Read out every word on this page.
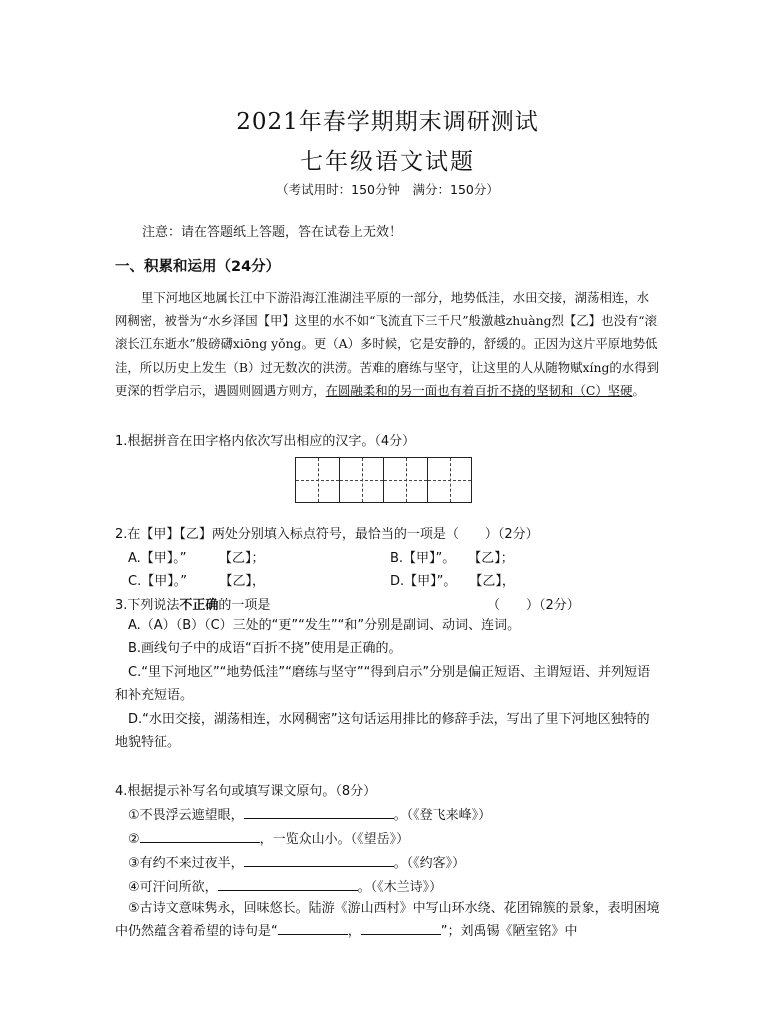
2021年春学期期末调研测试
七年级语文试题
（考试用时：150分钟　满分：150分）
注意：请在答题纸上答题，答在试卷上无效！
一、积累和运用（24分）

里下河地区地属长江中下游沿海江淮湖洼平原的一部分，地势低洼，水田交接，湖荡相连，水网稠密，被誉为“水乡泽国【甲】这里的水不如“飞流直下三千尺”般激越zhuàng烈【乙】也没有“滚滚长江东逝水”般磅礴xiōng yǒng。更（A）多时候，它是安静的，舒缓的。正因为这片平原地势低洼，所以历史上发生（B）过无数次的洪涝。苦难的磨练与坚守，让这里的人从随物赋xíng的水得到更深的哲学启示，遇圆则圆遇方则方，在圆融柔和的另一面也有着百折不挠的坚韧和（C）坚硬。

1.根据拼音在田字格内依次写出相应的汉字。（4分）
2.在【甲】【乙】两处分别填入标点符号，最恰当的一项是（　　）（2分）
A.【甲】。”　　　【乙】；	B.【甲】”。　　【乙】；
C.【甲】。”　　　【乙】，	D.【甲】”。　　【乙】，
3.下列说法不正确的一项是	（　　）（2分）

A.（A）（B）（C）三处的“更”“发生”“和”分别是副词、动词、连词。

B.画线句子中的成语“百折不挠”使用是正确的。

C.“里下河地区”“地势低洼”“磨练与坚守”“得到启示”分别是偏正短语、主谓短语、并列短语和补充短语。

D.“水田交接，湖荡相连，水网稠密”这句话运用排比的修辞手法，写出了里下河地区独特的地貌特征。

4.根据提示补写名句或填写课文原句。（8分）
①不畏浮云遮望眼，	。（《登飞来峰》）
②	，一览众山小。（《望岳》）
③有约不来过夜半，	。（《约客》）
④可汗问所欲，	。（《木兰诗》）

⑤古诗文意味隽永，回味悠长。陆游《游山西村》中写山环水绕、花团锦簇的景象，表明困境中仍然蕴含着希望的诗句是“	，	”；刘禹锡《陋室铭》中
